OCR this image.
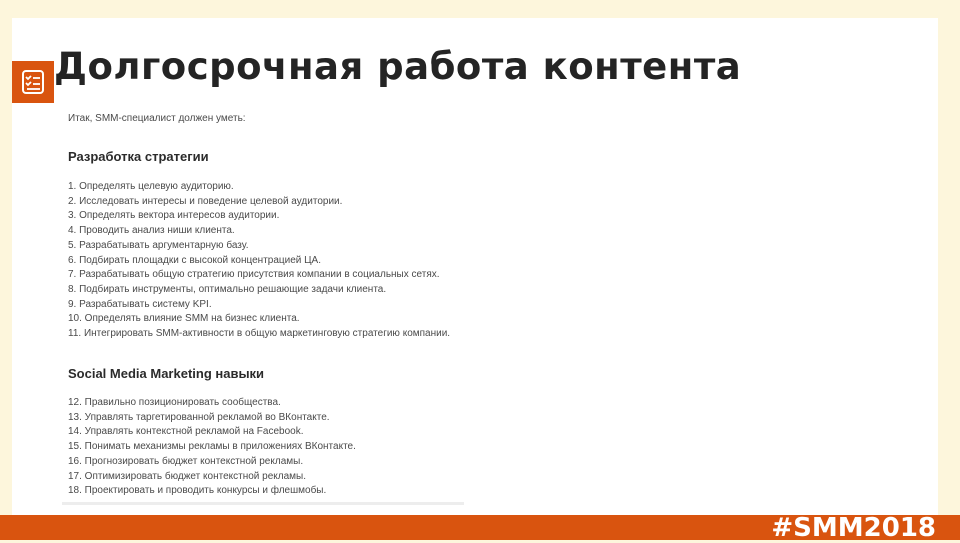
Долгосрочная работа контента

Итак, SMM-специалист должен уметь:

Разработка стратегии
1. Определять целевую аудиторию.
2. Исследовать интересы и поведение целевой аудитории.
3. Определять вектора интересов аудитории.
4. Проводить анализ ниши клиента.
5. Разрабатывать аргументарную базу.
6. Подбирать площадки с высокой концентрацией ЦА.
7. Разрабатывать общую стратегию присутствия компании в социальных сетях.
8. Подбирать инструменты, оптимально решающие задачи клиента.
9. Разрабатывать систему KPI.
10. Определять влияние SMM на бизнес клиента.
11. Интегрировать SMM-активности в общую маркетинговую стратегию компании.
Social Media Marketing навыки
12. Правильно позиционировать сообщества.
13. Управлять таргетированной рекламой во ВКонтакте.
14. Управлять контекстной рекламой на Facebook.
15. Понимать механизмы рекламы в приложениях ВКонтакте.
16. Прогнозировать бюджет контекстной рекламы.
17. Оптимизировать бюджет контекстной рекламы.
18. Проектировать и проводить конкурсы и флешмобы.

#SMM2018
